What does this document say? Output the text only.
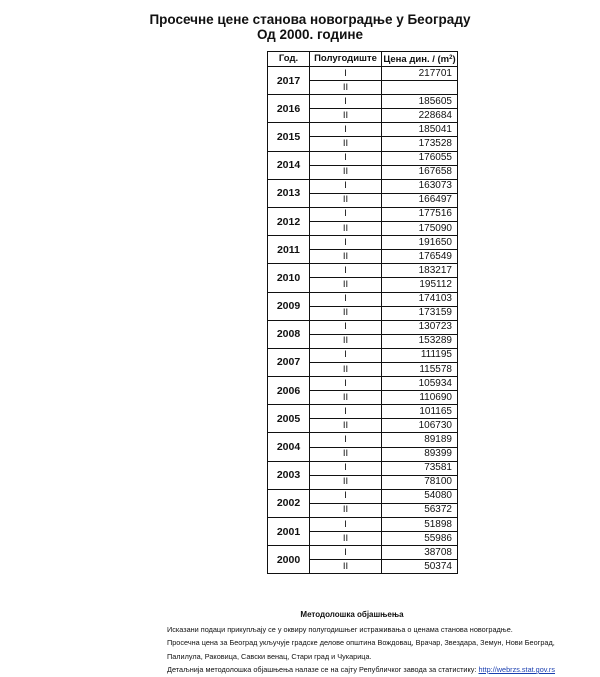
Просечне цене станова новоградње у Београду
Од 2000. године
Год.	Полугодиште	Цена дин. / $(m^2)$
2017	I	217701
	II	
2016	I	185605
	II	228684
2015	I	185041
	II	173528
2014	I	176055
	II	167658
2013	I	163073
	II	166497
2012	I	177516
	II	175090
2011	I	191650
	II	176549
2010	I	183217
	II	195112
2009	I	174103
	II	173159
2008	I	130723
	II	153289
2007	I	111195
	II	115578
2006	I	105934
	II	110690
2005	I	101165
	II	106730
2004	I	89189
	II	89399
2003	I	73581
	II	78100
2002	I	54080
	II	56372
2001	I	51898
	II	55986
2000	I	38708
	II	50374
Методолошка објашњења
Исказани подаци прикупљају се у оквиру полугодишњег истраживања о ценама станова новоградње.
Просечна цена за Београд укључује градске делове општина Вождовац, Врачар, Звездара, Земун, Нови Београд,
Палилула, Раковица, Савски венац, Стари град и Чукарица.
Детаљнија методолошка објашњења налазе се на сајту Републичког завода за статистику: http://webrzs.stat.gov.rs
